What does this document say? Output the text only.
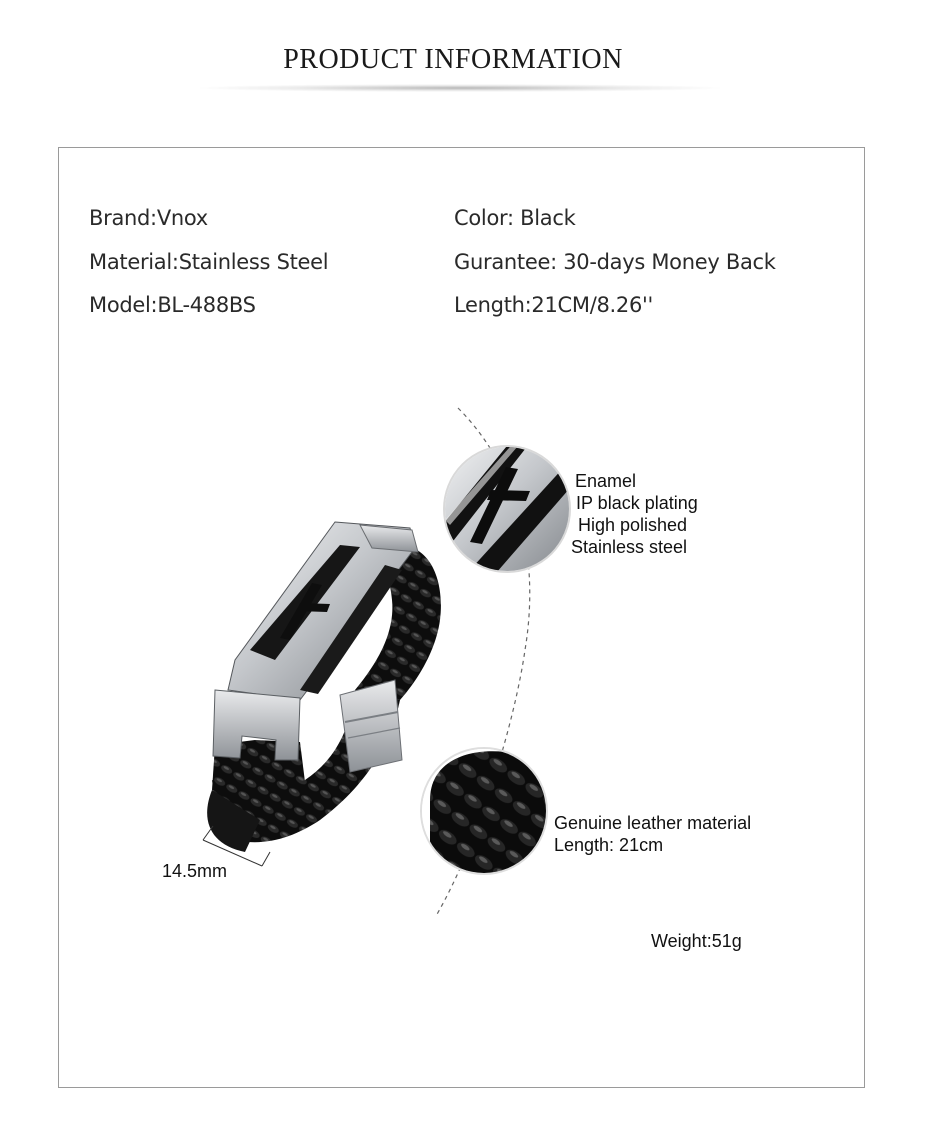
PRODUCT INFORMATION
Brand:Vnox
Material:Stainless Steel
Model:BL-488BS
Color: Black
Gurantee: 30-days Money Back
Length:21CM/8.26''
Enamel
IP black plating
High polished
Stainless steel
Genuine leather material
Length: 21cm
14.5mm
Weight:51g
